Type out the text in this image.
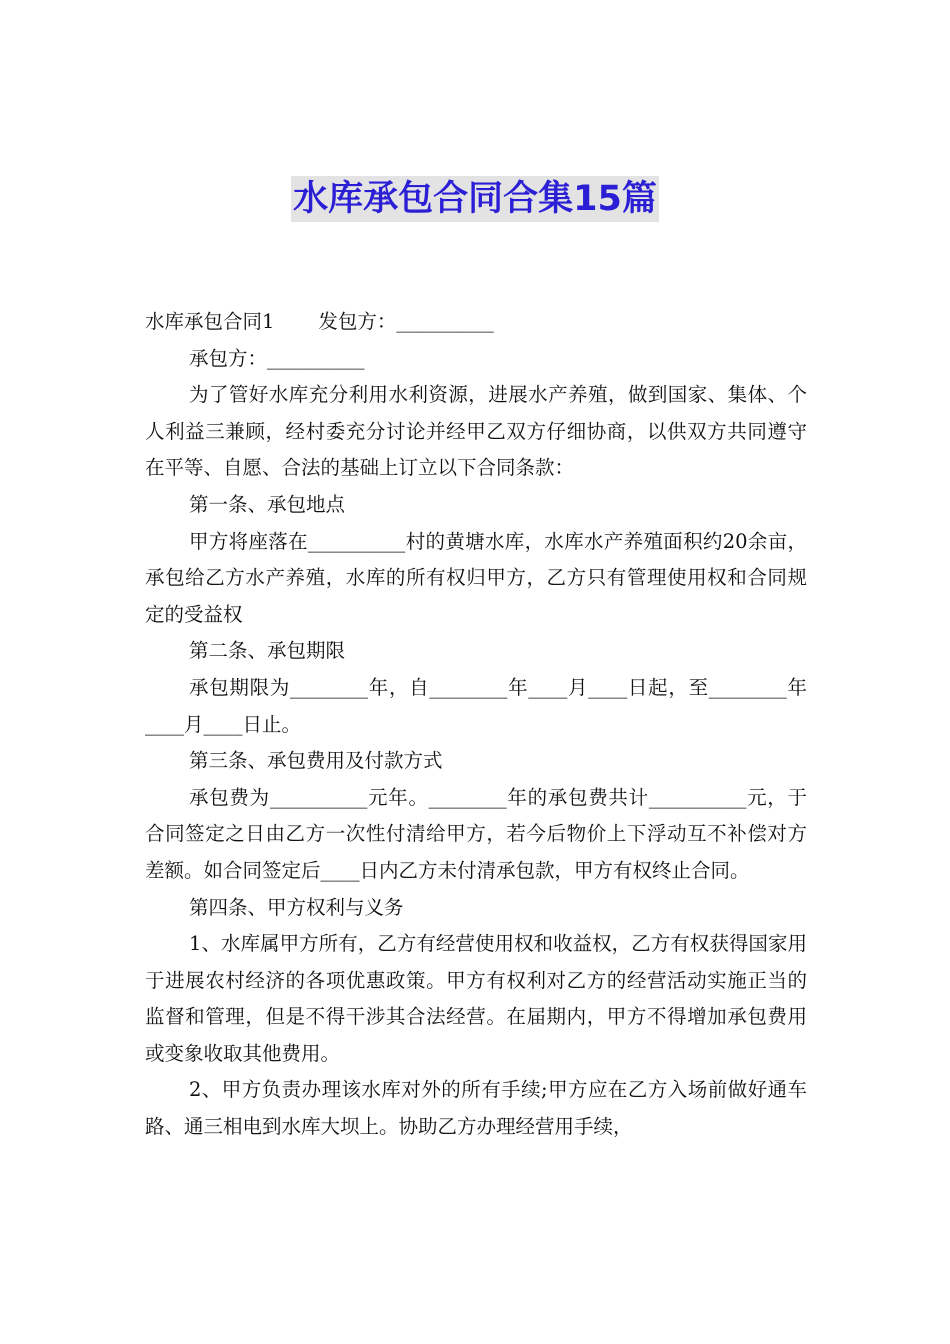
水库承包合同合集15篇

水库承包合同1 发包方：__________

承包方：__________

为了管好水库充分利用水利资源，进展水产养殖，做到国家、集体、个人利益三兼顾，经村委充分讨论并经甲乙双方仔细协商，以供双方共同遵守在平等、自愿、合法的基础上订立以下合同条款：

第一条、承包地点

甲方将座落在__________村的黄塘水库，水库水产养殖面积约20余亩，承包给乙方水产养殖，水库的所有权归甲方，乙方只有管理使用权和合同规定的受益权

第二条、承包期限

承包期限为________年，自________年____月____日起，至________年____月____日止。

第三条、承包费用及付款方式

承包费为__________元年。________年的承包费共计__________元，于合同签定之日由乙方一次性付清给甲方，若今后物价上下浮动互不补偿对方差额。如合同签定后____日内乙方未付清承包款，甲方有权终止合同。

第四条、甲方权利与义务

1、水库属甲方所有，乙方有经营使用权和收益权，乙方有权获得国家用于进展农村经济的各项优惠政策。甲方有权利对乙方的经营活动实施正当的监督和管理，但是不得干涉其合法经营。在届期内，甲方不得增加承包费用或变象收取其他费用。

2、甲方负责办理该水库对外的所有手续;甲方应在乙方入场前做好通车路、通三相电到水库大坝上。协助乙方办理经营用手续，
